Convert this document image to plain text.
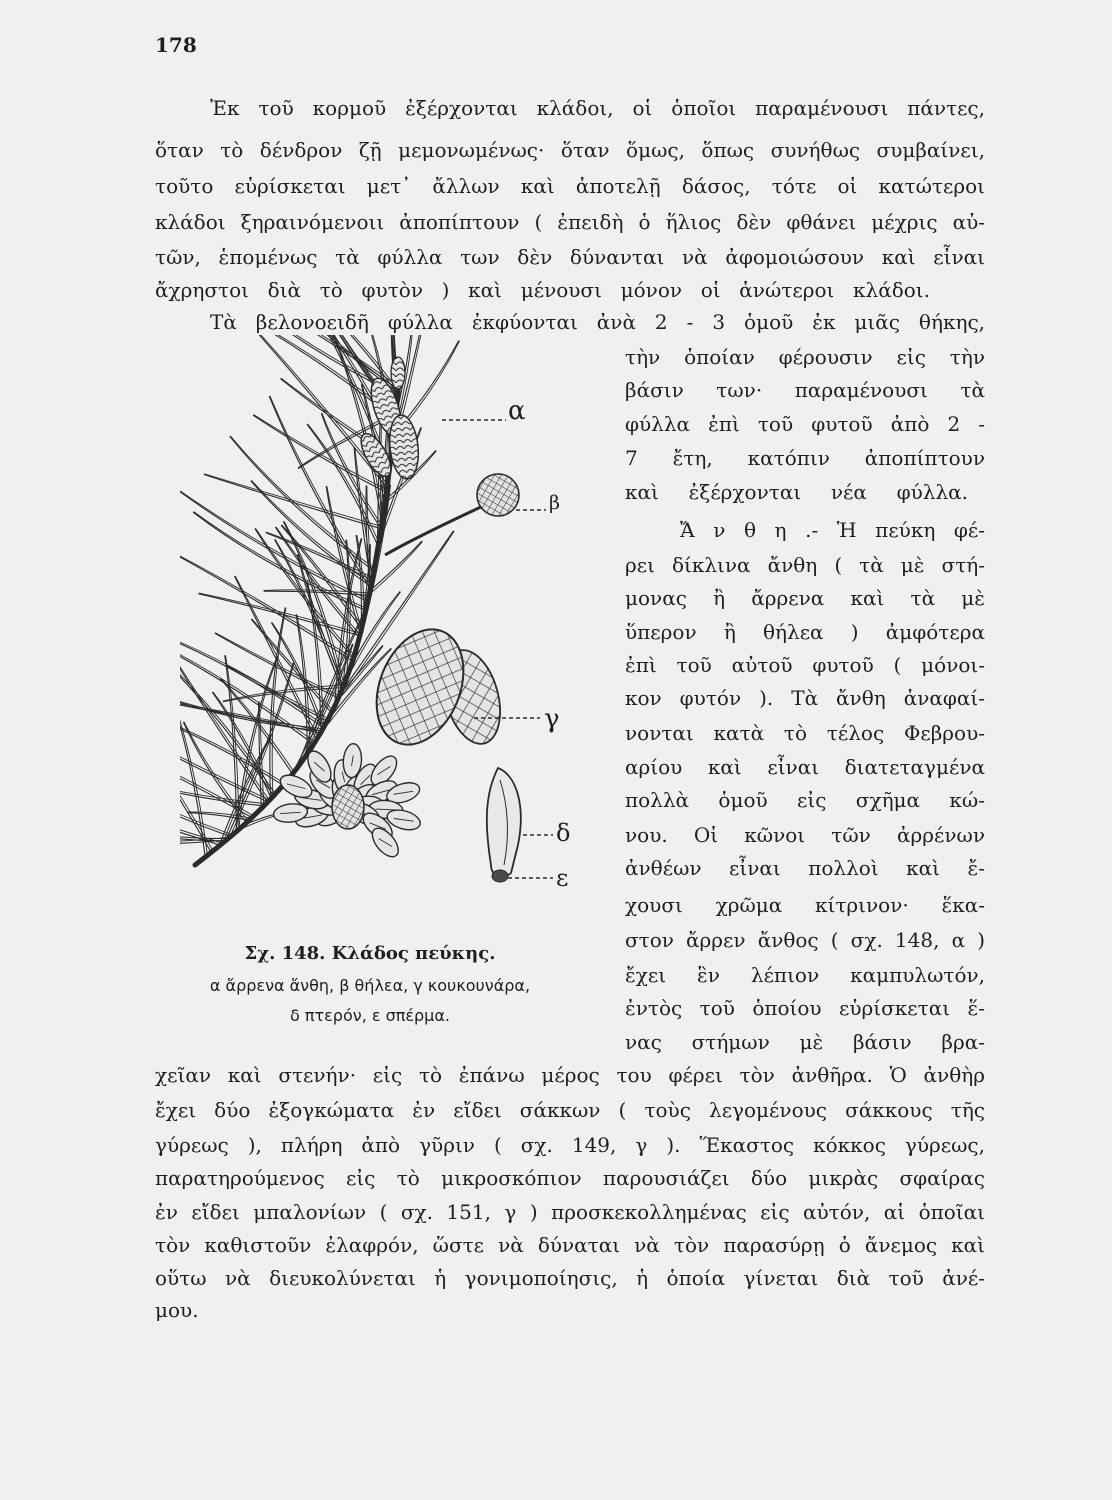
178
Ἐκ τοῦ κορμοῦ ἐξέρχονται κλάδοι, οἱ ὁποῖοι παραμένουσι πάντες,
ὅταν τὸ δένδρον ζῇ μεμονωμένως· ὅταν ὅμως, ὅπως συνήθως συμβαίνει,
τοῦτο εὑρίσκεται μετ᾽ ἄλλων καὶ ἀποτελῇ δάσος, τότε οἱ κατώτεροι
κλάδοι ξηραινόμενοιι ἀποπίπτουν ( ἐπειδὴ ὁ ἥλιος δὲν φθάνει μέχρις αὐ-
τῶν, ἑπομένως τὰ φύλλα των δὲν δύνανται νὰ ἀφομοιώσουν καὶ εἶναι
ἄχρηστοι διὰ τὸ φυτὸν ) καὶ μένουσι μόνον οἱ ἀνώτεροι κλάδοι.
Τὰ βελονοειδῆ φύλλα ἐκφύονται ἀνὰ 2 - 3 ὁμοῦ ἐκ μιᾶς θήκης,
τὴν ὁποίαν φέρουσιν εἰς τὴν
βάσιν των· παραμένουσι τὰ
φύλλα ἐπὶ τοῦ φυτοῦ ἀπὸ 2 -
7 ἔτη, κατόπιν ἀποπίπτουν
καὶ ἐξέρχονται νέα φύλλα.
Ἄ ν θ η .- Ἡ πεύκη φέ-
ρει δίκλινα ἄνθη ( τὰ μὲ στή-
μονας ἢ ἄρρενα καὶ τὰ μὲ
ὕπερον ἢ θήλεα ) ἀμφότερα
ἐπὶ τοῦ αὐτοῦ φυτοῦ ( μόνοι-
κον φυτόν ). Τὰ ἄνθη ἀναφαί-
νονται κατὰ τὸ τέλος Φεβρου-
αρίου καὶ εἶναι διατεταγμένα
πολλὰ ὁμοῦ εἰς σχῆμα κώ-
νου. Οἱ κῶνοι τῶν ἀρρένων
ἀνθέων εἶναι πολλοὶ καὶ ἔ-
χουσι χρῶμα κίτρινον· ἕκα-
στον ἄρρεν ἄνθος ( σχ. 148, α )
ἔχει ἓν λέπιον καμπυλωτόν,
ἐντὸς τοῦ ὁποίου εὑρίσκεται ἕ-
νας στήμων μὲ βάσιν βρα-
χεῖαν καὶ στενήν· εἰς τὸ ἐπάνω μέρος του φέρει τὸν ἀνθῆρα. Ὁ ἀνθὴρ
ἔχει δύο ἐξογκώματα ἐν εἴδει σάκκων ( τοὺς λεγομένους σάκκους τῆς
γύρεως ), πλήρη ἀπὸ γῦριν ( σχ. 149, γ ). Ἕκαστος κόκκος γύρεως,
παρατηρούμενος εἰς τὸ μικροσκόπιον παρουσιάζει δύο μικρὰς σφαίρας
ἐν εἴδει μπαλονίων ( σχ. 151, γ ) προσκεκολλημένας εἰς αὐτόν, αἱ ὁποῖαι
τὸν καθιστοῦν ἐλαφρόν, ὥστε νὰ δύναται νὰ τὸν παρασύρῃ ὁ ἄνεμος καὶ
οὕτω νὰ διευκολύνεται ἡ γονιμοποίησις, ἡ ὁποία γίνεται διὰ τοῦ ἀνέ-
μου.
α
β
γ
δ
ε
Σχ. 148. Κλάδος πεύκης.
α ἄρρενα ἄνθη, β θήλεα, γ κουκουνάρα,
δ πτερόν, ε σπέρμα.
